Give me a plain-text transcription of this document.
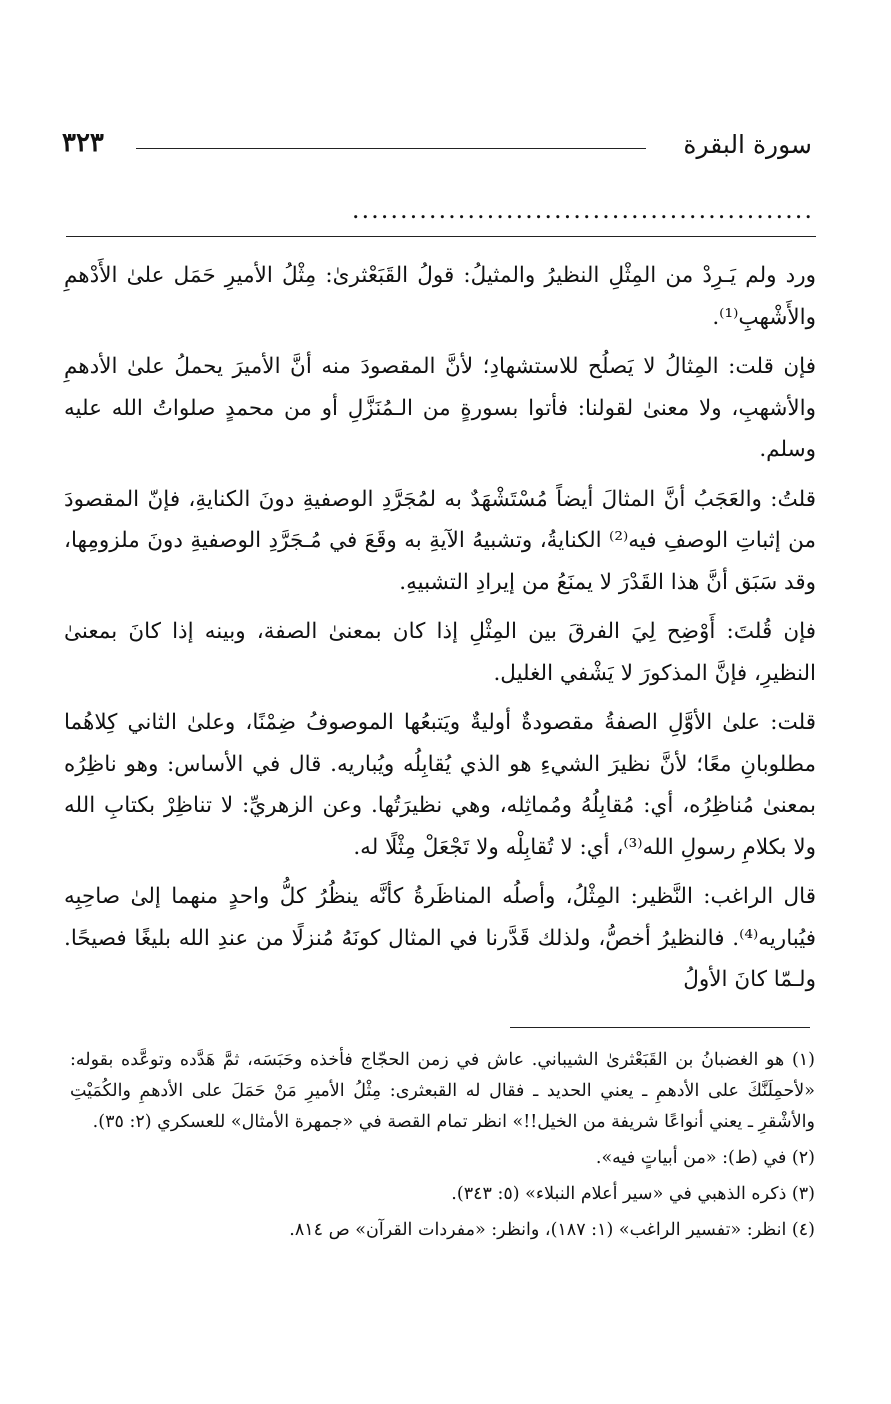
سورة البقرة
٣٢٣
................................................

ورد ولم يَـرِدْ من المِثْلِ النظيرُ والمثيلُ: قولُ القَبَعْثرىٰ: مِثْلُ الأميرِ حَمَل علىٰ الأَدْهمِ والأَشْهبِ⁽¹⁾.

فإن قلت: المِثالُ لا يَصلُح للاستشهادِ؛ لأنَّ المقصودَ منه أنَّ الأميرَ يحملُ علىٰ الأدهمِ والأشهبِ، ولا معنىٰ لقولنا: فأتوا بسورةٍ من الـمُنَزَّلِ أو من محمدٍ صلواتُ الله عليه وسلم.

قلتُ: والعَجَبُ أنَّ المثالَ أيضاً مُسْتَشْهَدٌ به لمُجَرَّدِ الوصفيةِ دونَ الكنايةِ، فإنّ المقصودَ من إثباتِ الوصفِ فيه⁽²⁾ الكنايةُ، وتشبيهُ الآيةِ به وقَعَ في مُـجَرَّدِ الوصفيةِ دونَ ملزومِها، وقد سَبَق أنَّ هذا القَدْرَ لا يمنَعُ من إيرادِ التشبيهِ.

فإن قُلتَ: أَوْضِح لِيَ الفرقَ بين المِثْلِ إذا كان بمعنىٰ الصفة، وبينه إذا كانَ بمعنىٰ النظيرِ، فإنَّ المذكورَ لا يَشْفي الغليل.

قلت: علىٰ الأوَّلِ الصفةُ مقصودةٌ أوليةٌ ويَتبعُها الموصوفُ ضِمْنًا، وعلىٰ الثاني كِلاهُما مطلوبانِ معًا؛ لأنَّ نظيرَ الشيءِ هو الذي يُقابِلُه ويُباريه. قال في الأساس: وهو ناظِرُه بمعنىٰ مُناظِرُه، أي: مُقابِلُهُ ومُماثِله، وهي نظيرَتُها. وعن الزهريِّ: لا تناظِرْ بكتابِ الله ولا بكلامِ رسولِ الله⁽³⁾، أي: لا تُقابِلْه ولا تَجْعَلْ مِثْلًا له.

قال الراغب: النَّظير: المِثْلُ، وأصلُه المناظَرةُ كأنَّه ينظُرُ كلُّ واحدٍ منهما إلىٰ صاحِبِه فيُباريه⁽⁴⁾. فالنظيرُ أخصُّ، ولذلك قَدَّرنا في المثال كونَهُ مُنزلًا من عندِ الله بليغًا فصيحًا. ولـمّا كانَ الأولُ

(١) هو الغضبانُ بن القَبَعْثرىٰ الشيباني. عاش في زمن الحجّاج فأخذه وحَبَسَه، ثمَّ هَدَّده وتوعَّده بقوله: «لأحمِلَنَّكَ على الأدهمِ ـ يعني الحديد ـ فقال له القبعثرى: مِثْلُ الأميرِ مَنْ حَمَلَ على الأدهمِ والكُمَيْتِ والأشْقرِ ـ يعني أنواعًا شريفة من الخيل!!» انظر تمام القصة في «جمهرة الأمثال» للعسكري (٢: ٣٥).

(٢) في (ط): «من أبياتٍ فيه».

(٣) ذكره الذهبي في «سير أعلام النبلاء» (٥: ٣٤٣).

(٤) انظر: «تفسير الراغب» (١: ١٨٧)، وانظر: «مفردات القرآن» ص ٨١٤.
